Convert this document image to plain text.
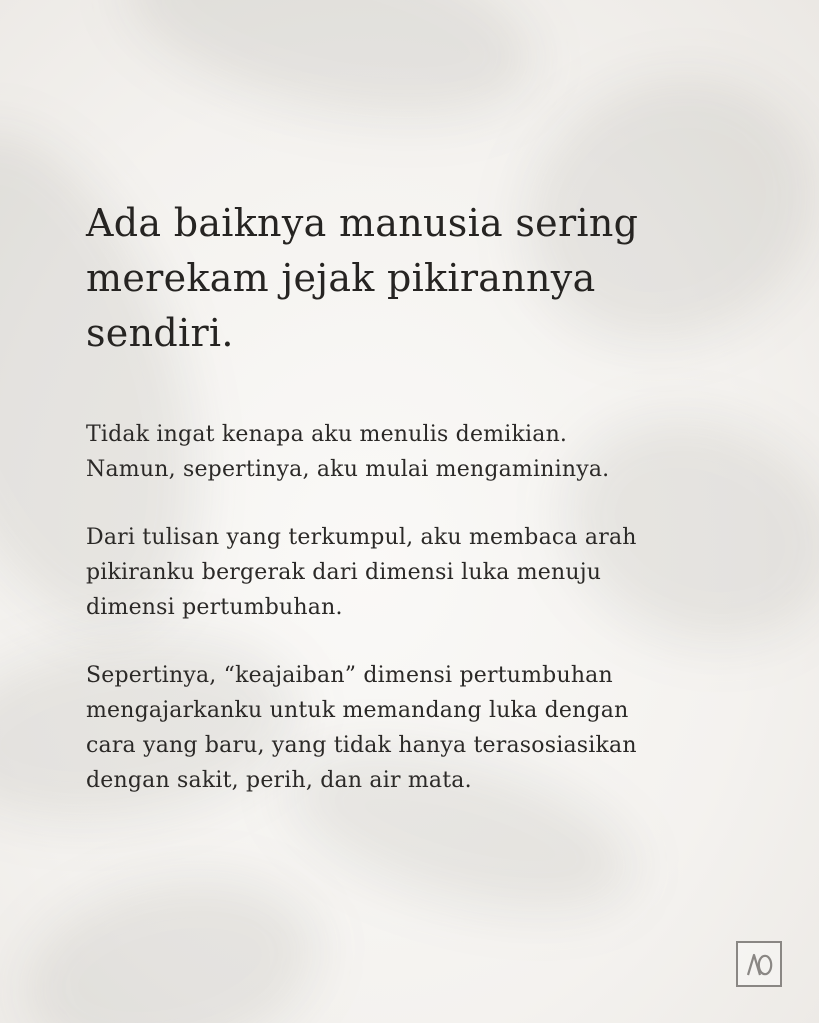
Ada baiknya manusia sering
merekam jejak pikirannya
sendiri.

Tidak ingat kenapa aku menulis demikian.
Namun, sepertinya, aku mulai mengamininya.

Dari tulisan yang terkumpul, aku membaca arah
pikiranku bergerak dari dimensi luka menuju
dimensi pertumbuhan.

Sepertinya, “keajaiban” dimensi pertumbuhan
mengajarkanku untuk memandang luka dengan
cara yang baru, yang tidak hanya terasosiasikan
dengan sakit, perih, dan air mata.
